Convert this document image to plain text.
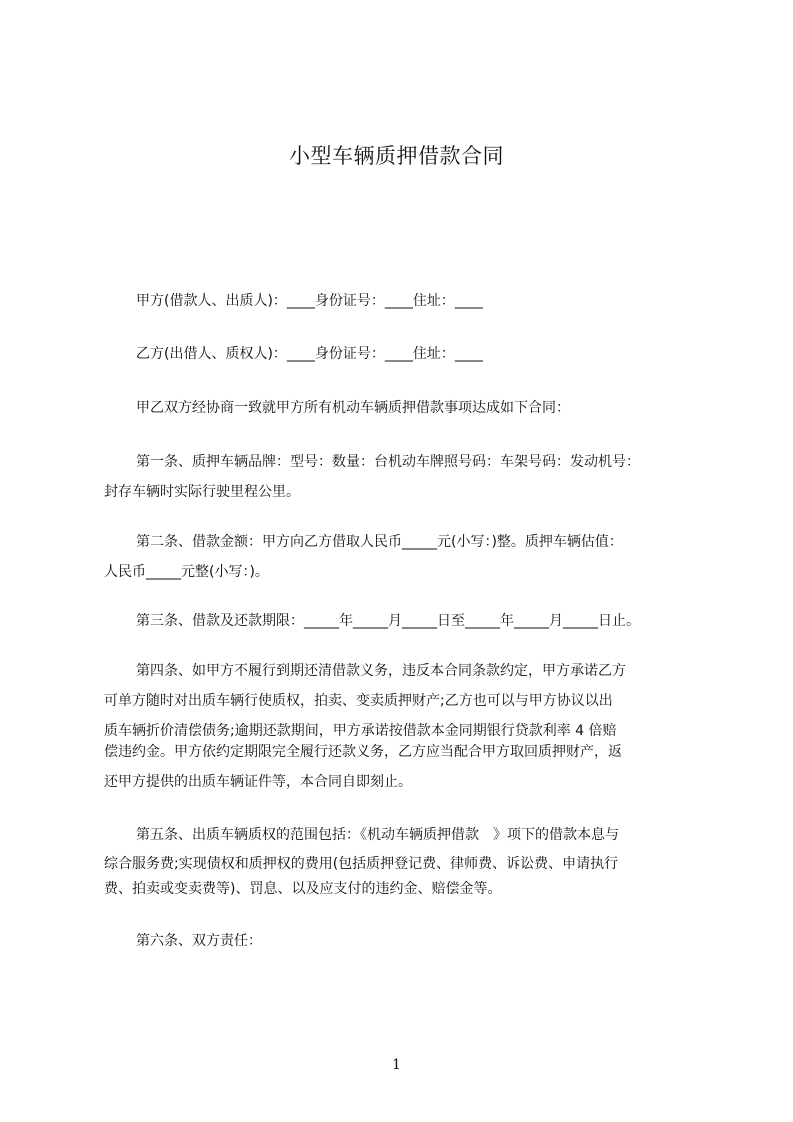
小型车辆质押借款合同

甲方(借款人、出质人)：____身份证号：____住址：____

乙方(出借人、质权人)：____身份证号：____住址：____

甲乙双方经协商一致就甲方所有机动车辆质押借款事项达成如下合同：

第一条、质押车辆品牌：型号：数量：台机动车牌照号码：车架号码：发动机号：

封存车辆时实际行驶里程公里。

第二条、借款金额：甲方向乙方借取人民币_____元(小写：)整。质押车辆估值：

人民币_____元整(小写：)。

第三条、借款及还款期限：_____年_____月_____日至_____年_____月_____日止。

第四条、如甲方不履行到期还清借款义务，违反本合同条款约定，甲方承诺乙方

可单方随时对出质车辆行使质权，拍卖、变卖质押财产;乙方也可以与甲方协议以出

质车辆折价清偿债务;逾期还款期间，甲方承诺按借款本金同期银行贷款利率 4 倍赔

偿违约金。甲方依约定期限完全履行还款义务，乙方应当配合甲方取回质押财产，返

还甲方提供的出质车辆证件等，本合同自即刻止。

第五条、出质车辆质权的范围包括：《机动车辆质押借款　》项下的借款本息与

综合服务费;实现债权和质押权的费用(包括质押登记费、律师费、诉讼费、申请执行

费、拍卖或变卖费等)、罚息、以及应支付的违约金、赔偿金等。

第六条、双方责任：

1
